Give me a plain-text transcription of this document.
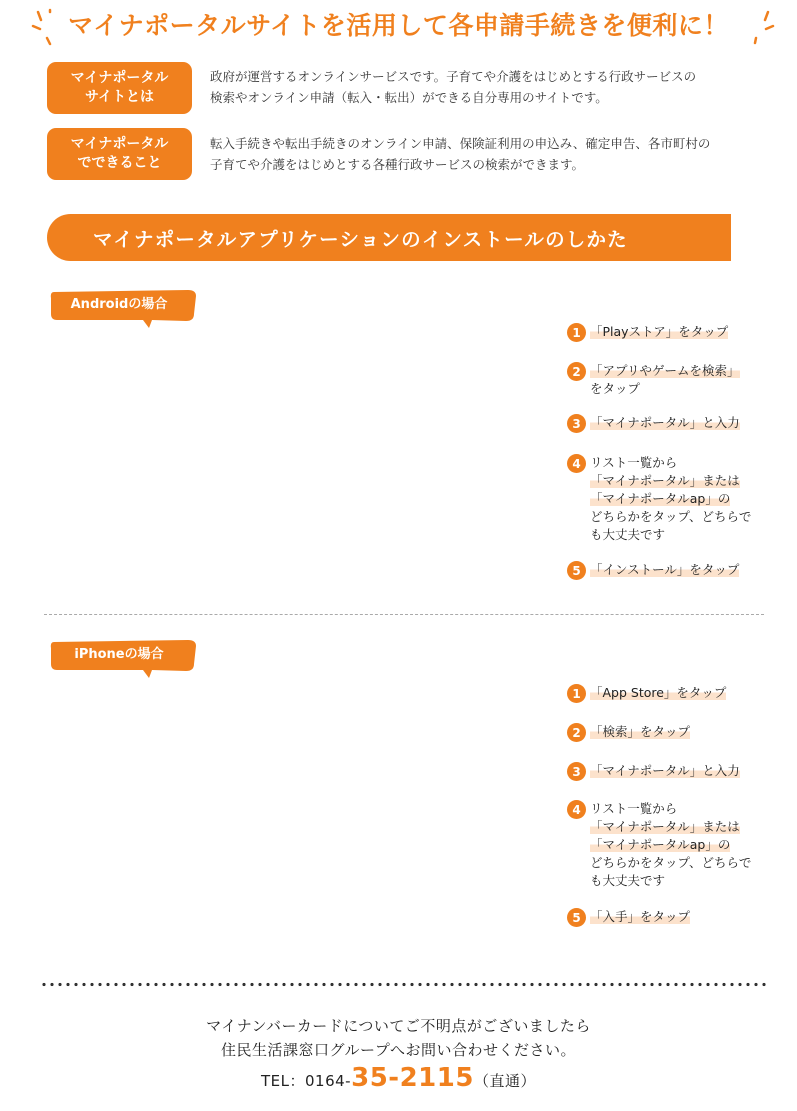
マイナポータルサイトを活用して各申請手続きを便利に！
マイナポータル
サイトとは
政府が運営するオンラインサービスです。子育てや介護をはじめとする行政サービスの
検索やオンライン申請（転入・転出）ができる自分専用のサイトです。
マイナポータル
でできること
転入手続きや転出手続きのオンライン申請、保険証利用の申込み、確定申告、各市町村の
子育てや介護をはじめとする各種行政サービスの検索ができます。
マイナポータルアプリケーションのインストールのしかた
Androidの場合
1 「Playストア」をタップ
2 「アプリやゲームを検索」
をタップ
3 「マイナポータル」と入力
4 リスト一覧から
「マイナポータル」または
「マイナポータルap」の
どちらかをタップ、どちらで
も大丈夫です
5 「インストール」をタップ
iPhoneの場合
1 「App Store」をタップ
2 「検索」をタップ
3 「マイナポータル」と入力
4 リスト一覧から
「マイナポータル」または
「マイナポータルap」の
どちらかをタップ、どちらで
も大丈夫です
5 「入手」をタップ
マイナンバーカードについてご不明点がございましたら
住民生活課窓口グループへお問い合わせください。
TEL：0164-35-2115（直通）
